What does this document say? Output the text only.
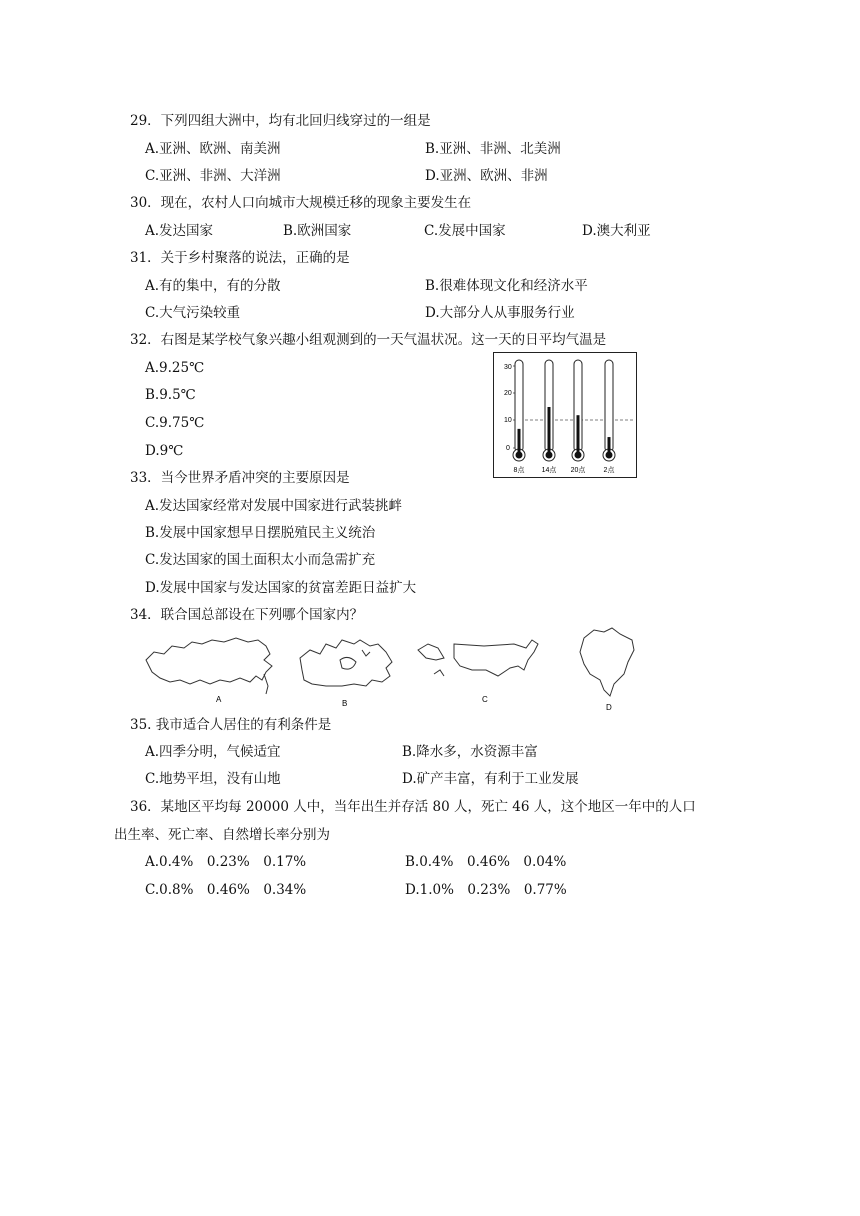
29．下列四组大洲中，均有北回归线穿过的一组是
A.亚洲、欧洲、南美洲	B.亚洲、非洲、北美洲
C.亚洲、非洲、大洋洲	D.亚洲、欧洲、非洲
30．现在，农村人口向城市大规模迁移的现象主要发生在
A.发达国家	B.欧洲国家	C.发展中国家	D.澳大利亚
31．关于乡村聚落的说法，正确的是
A.有的集中，有的分散	B.很难体现文化和经济水平
C.大气污染较重	D.大部分人从事服务行业
32．右图是某学校气象兴趣小组观测到的一天气温状况。这一天的日平均气温是
A.9.25℃
B.9.5℃
C.9.75℃
D.9℃
30
20
10
0
8点 14点 20点	2点
33．当今世界矛盾冲突的主要原因是
A.发达国家经常对发展中国家进行武装挑衅
B.发展中国家想早日摆脱殖民主义统治
C.发达国家的国土面积太小而急需扩充
D.发展中国家与发达国家的贫富差距日益扩大
34．联合国总部设在下列哪个国家内？
A	B	C
D
35. 我市适合人居住的有利条件是
A.四季分明，气候适宜	B.降水多，水资源丰富
C.地势平坦，没有山地	D.矿产丰富，有利于工业发展
36．某地区平均每 20000 人中，当年出生并存活 80 人，死亡 46 人，这个地区一年中的人口
出生率、死亡率、自然增长率分别为
A.0.4%　0.23%　0.17%	B.0.4%　0.46%　0.04%
C.0.8%　0.46%　0.34%	D.1.0%　0.23%　0.77%
